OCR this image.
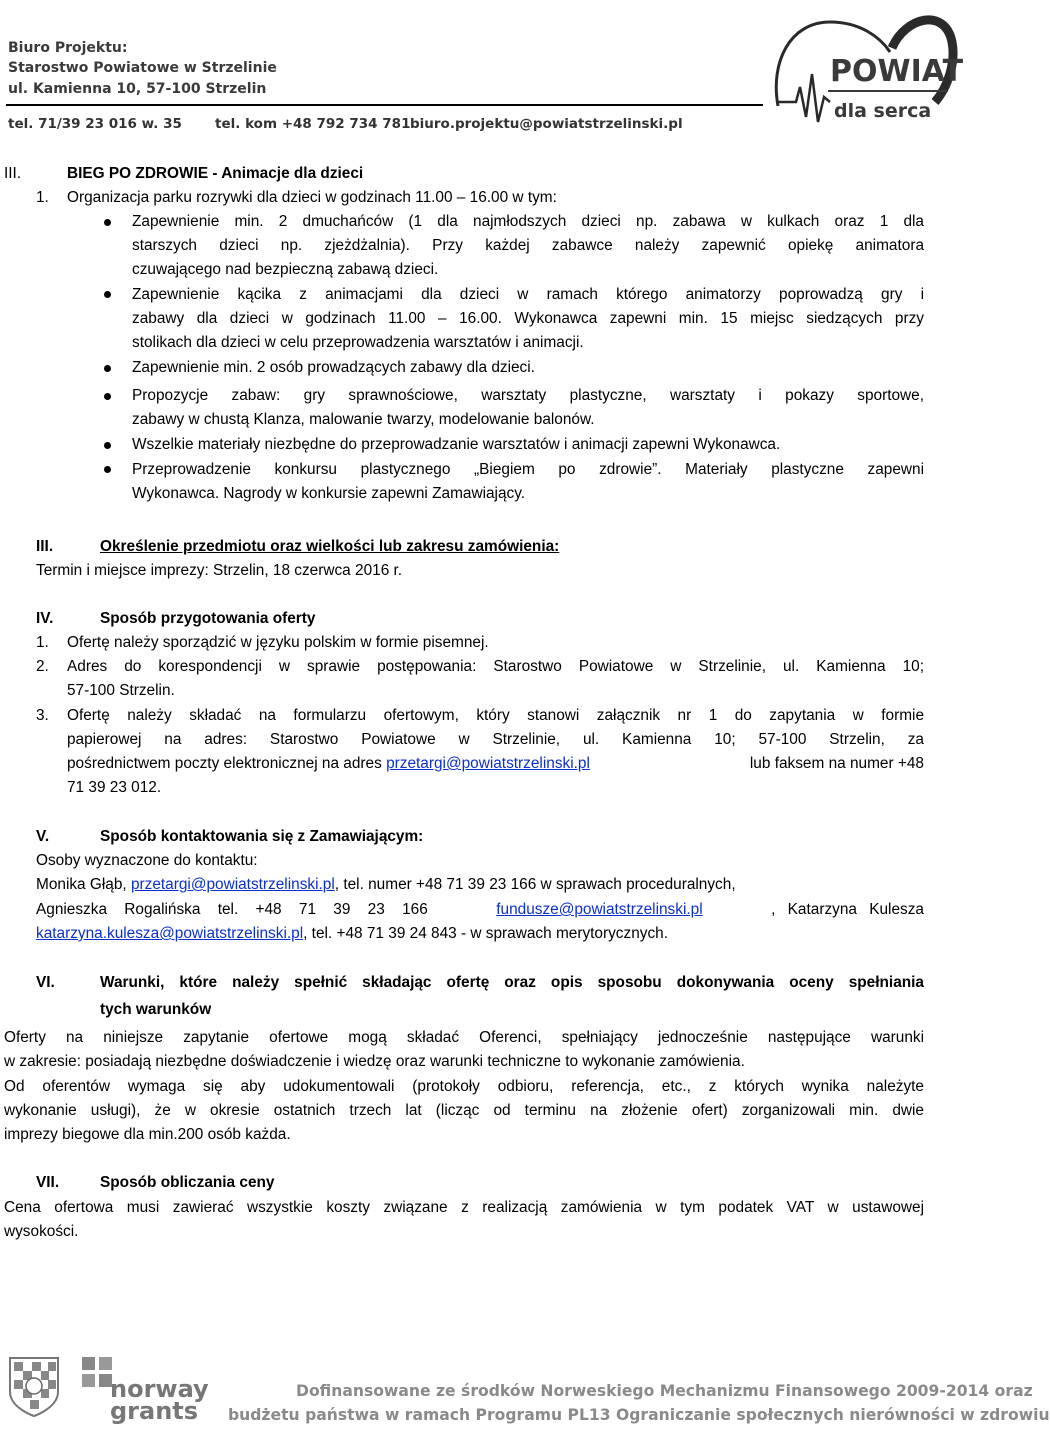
Biuro Projektu:
Starostwo Powiatowe w Strzelinie
ul. Kamienna 10, 57-100 Strzelin
tel. 71/39 23 016 w. 35 tel. kom +48 792 734 781 biuro.projektu@powiatstrzelinski.pl
POWIAT
dla serca
III.	BIEG PO ZDROWIE - Animacje dla dzieci
1. Organizacja parku rozrywki dla dzieci w godzinach 11.00 – 16.00 w tym:
Zapewnienie min. 2 dmuchańców (1 dla najmłodszych dzieci np. zabawa w kulkach oraz 1 dla
starszych dzieci np. zjeżdżalnia). Przy każdej zabawce należy zapewnić opiekę animatora
czuwającego nad bezpieczną zabawą dzieci.
Zapewnienie kącika z animacjami dla dzieci w ramach którego animatorzy poprowadzą gry i
zabawy dla dzieci w godzinach 11.00 – 16.00. Wykonawca zapewni min. 15 miejsc siedzących przy
stolikach dla dzieci w celu przeprowadzenia warsztatów i animacji.
Zapewnienie min. 2 osób prowadzących zabawy dla dzieci.
Propozycje zabaw: gry sprawnościowe, warsztaty plastyczne, warsztaty i pokazy sportowe,
zabawy w chustą Klanza, malowanie twarzy, modelowanie balonów.
Wszelkie materiały niezbędne do przeprowadzanie warsztatów i animacji zapewni Wykonawca.
Przeprowadzenie konkursu plastycznego „Biegiem po zdrowie”. Materiały plastyczne zapewni
Wykonawca. Nagrody w konkursie zapewni Zamawiający.
III.	Określenie przedmiotu oraz wielkości lub zakresu zamówienia:
Termin i miejsce imprezy: Strzelin, 18 czerwca 2016 r.
IV.	Sposób przygotowania oferty
1. Ofertę należy sporządzić w języku polskim w formie pisemnej.
2. Adres do korespondencji w sprawie postępowania: Starostwo Powiatowe w Strzelinie, ul. Kamienna 10;
57-100 Strzelin.
3. Ofertę należy składać na formularzu ofertowym, który stanowi załącznik nr 1 do zapytania w formie
papierowej na adres: Starostwo Powiatowe w Strzelinie, ul. Kamienna 10; 57-100 Strzelin, za
pośrednictwem poczty elektronicznej na adres przetargi@powiatstrzelinski.pl	lub faksem na numer +48
71 39 23 012.
V.	Sposób kontaktowania się z Zamawiającym:
Osoby wyznaczone do kontaktu:
Monika Głąb, przetargi@powiatstrzelinski.pl, tel. numer +48 71 39 23 166 w sprawach proceduralnych,
Agnieszka Rogalińska tel. +48 71 39 23 166	fundusze@powiatstrzelinski.pl	, Katarzyna Kulesza
katarzyna.kulesza@powiatstrzelinski.pl, tel. +48 71 39 24 843 - w sprawach merytorycznych.
VI.	Warunki, które należy spełnić składając ofertę oraz opis sposobu dokonywania oceny spełniania
tych warunków
Oferty na niniejsze zapytanie ofertowe mogą składać Oferenci, spełniający jednocześnie następujące warunki
w zakresie: posiadają niezbędne doświadczenie i wiedzę oraz warunki techniczne to wykonanie zamówienia.
Od oferentów wymaga się aby udokumentowali (protokoły odbioru, referencja, etc., z których wynika należyte
wykonanie usługi), że w okresie ostatnich trzech lat (licząc od terminu na złożenie ofert) zorganizowali min. dwie
imprezy biegowe dla min.200 osób każda.
VII.	Sposób obliczania ceny
Cena ofertowa musi zawierać wszystkie koszty związane z realizacją zamówienia w tym podatek VAT w ustawowej
wysokości.
norway
grants
Dofinansowane ze środków Norweskiego Mechanizmu Finansowego 2009-2014 oraz
budżetu państwa w ramach Programu PL13 Ograniczanie społecznych nierówności w zdrowiu
